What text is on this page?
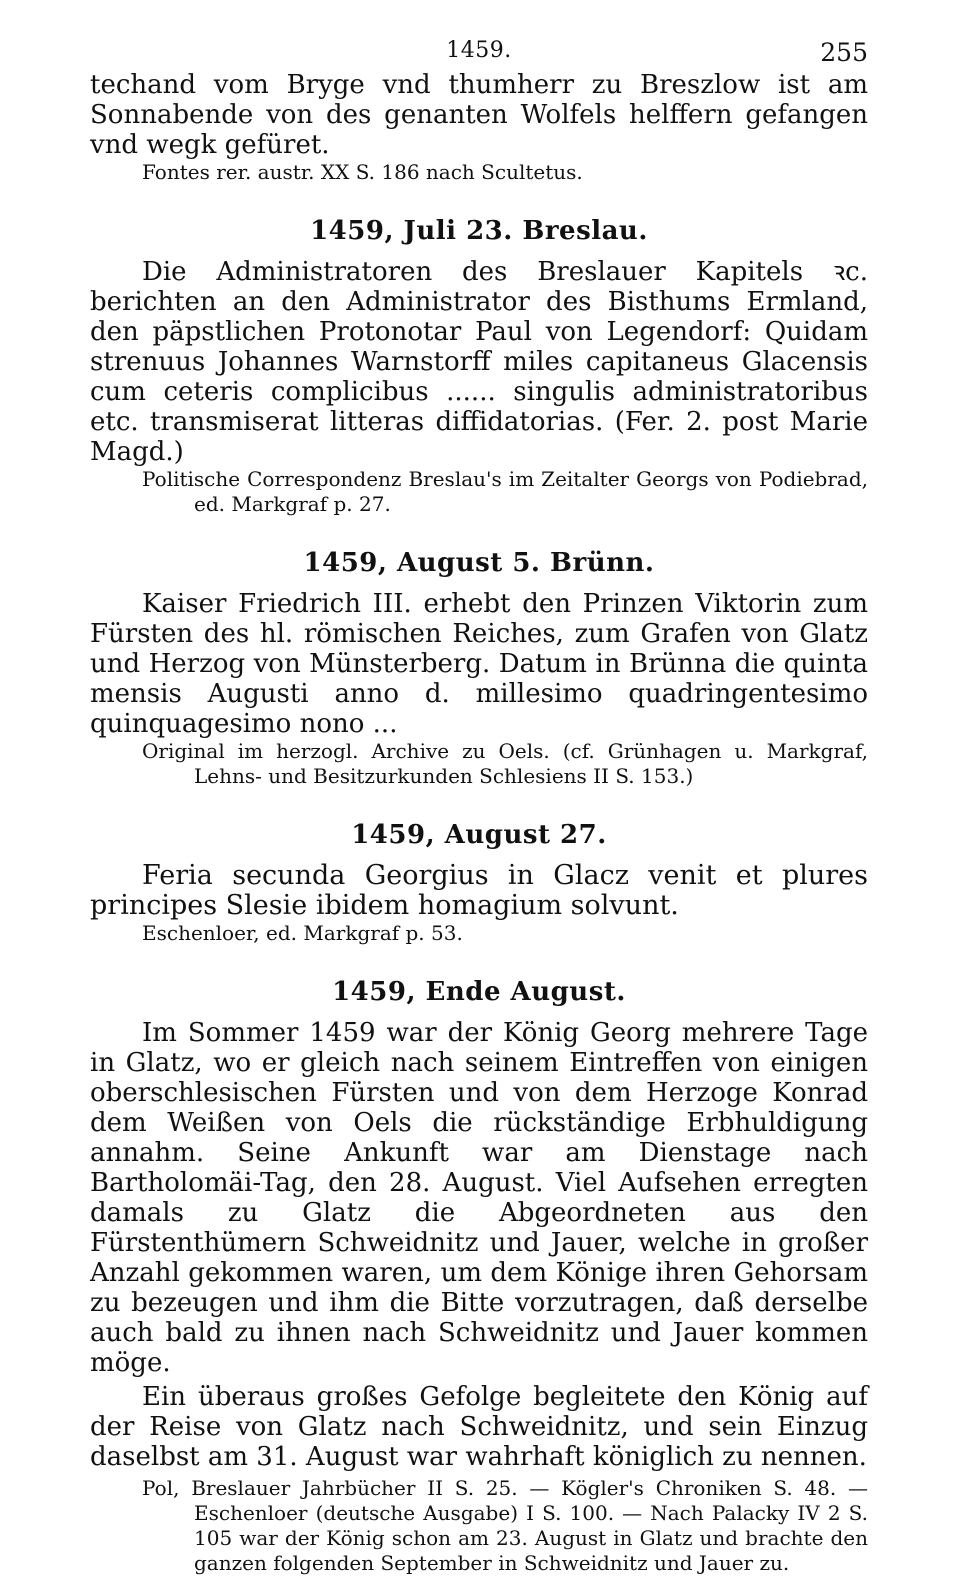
1459.	255

techand vom Bryge vnd thumherr zu Breszlow ist am Sonnabende von des genanten Wolfels helffern gefangen vnd wegk gefüret.

Fontes rer. austr. XX S. 186 nach Scultetus.

1459, Juli 23. Breslau.

Die Administratoren des Breslauer Kapitels ꝛc. berichten an den Administrator des Bisthums Ermland, den päpstlichen Protonotar Paul von Legendorf: Quidam strenuus Johannes Warnstorff miles capitaneus Glacensis cum ceteris complicibus ...... singulis administratoribus etc. transmiserat litteras diffidatorias. (Fer. 2. post Marie Magd.)

Politische Correspondenz Breslau's im Zeitalter Georgs von Podiebrad, ed. Markgraf p. 27.

1459, August 5. Brünn.

Kaiser Friedrich III. erhebt den Prinzen Viktorin zum Fürsten des hl. römischen Reiches, zum Grafen von Glatz und Herzog von Münsterberg. Datum in Brünna die quinta mensis Augusti anno d. millesimo quadringentesimo quinquagesimo nono ...

Original im herzogl. Archive zu Oels. (cf. Grünhagen u. Markgraf, Lehns- und Besitzurkunden Schlesiens II S. 153.)

1459, August 27.

Feria secunda Georgius in Glacz venit et plures principes Slesie ibidem homagium solvunt.

Eschenloer, ed. Markgraf p. 53.

1459, Ende August.

Im Sommer 1459 war der König Georg mehrere Tage in Glatz, wo er gleich nach seinem Eintreffen von einigen oberschlesischen Fürsten und von dem Herzoge Konrad dem Weißen von Oels die rückständige Erbhuldigung annahm. Seine Ankunft war am Dienstage nach Bartholomäi-Tag, den 28. August. Viel Aufsehen erregten damals zu Glatz die Abgeordneten aus den Fürstenthümern Schweidnitz und Jauer, welche in großer Anzahl gekommen waren, um dem Könige ihren Gehorsam zu bezeugen und ihm die Bitte vorzutragen, daß derselbe auch bald zu ihnen nach Schweidnitz und Jauer kommen möge.

Ein überaus großes Gefolge begleitete den König auf der Reise von Glatz nach Schweidnitz, und sein Einzug daselbst am 31. August war wahrhaft königlich zu nennen.

Pol, Breslauer Jahrbücher II S. 25. — Kögler's Chroniken S. 48. — Eschenloer (deutsche Ausgabe) I S. 100. — Nach Palacky IV 2 S. 105 war der König schon am 23. August in Glatz und brachte den ganzen folgenden September in Schweidnitz und Jauer zu.
